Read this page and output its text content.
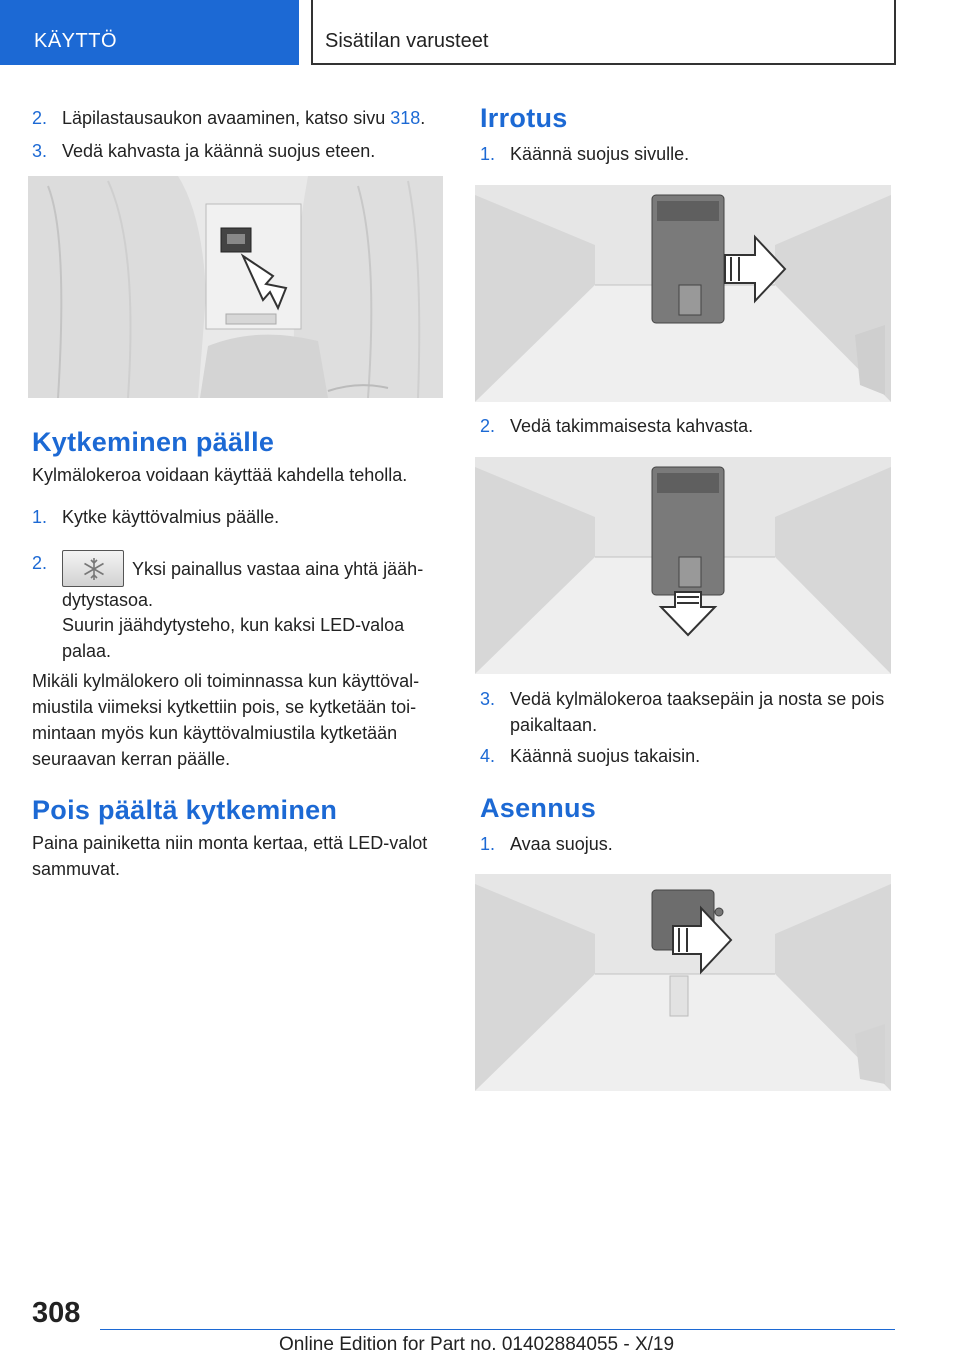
KÄYTTÖ	Sisätilan varusteet
2. Läpilastausaukon avaaminen, katso sivu 318.
3. Vedä kahvasta ja käännä suojus eteen.
Kytkeminen päälle
Kylmälokeroa voidaan käyttää kahdella teholla.
1. Kytke käyttövalmius päälle.
2.	Yksi painallus vastaa aina yhtä jäähdytystasoa.
Suurin jäähdytysteho, kun kaksi LED-valoa palaa.
Mikäli kylmälokero oli toiminnassa kun käyttövalmiustila viimeksi kytkettiin pois, se kytketään toimintaan myös kun käyttövalmiustila kytketään seuraavan kerran päälle.
Pois päältä kytkeminen
Paina painiketta niin monta kertaa, että LED-valot sammuvat.
Irrotus
1. Käännä suojus sivulle.
2. Vedä takimmaisesta kahvasta.
3. Vedä kylmälokeroa taaksepäin ja nosta se pois paikaltaan.
4. Käännä suojus takaisin.
Asennus
1. Avaa suojus.
308
Online Edition for Part no. 01402884055 - X/19
